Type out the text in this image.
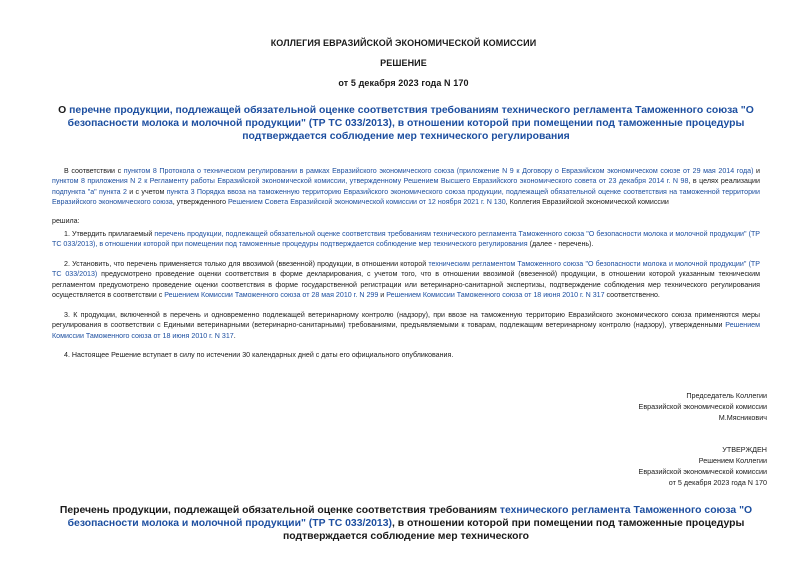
КОЛЛЕГИЯ ЕВРАЗИЙСКОЙ ЭКОНОМИЧЕСКОЙ КОМИССИИ
РЕШЕНИЕ
от 5 декабря 2023 года N 170
О перечне продукции, подлежащей обязательной оценке соответствия требованиям технического регламента Таможенного союза "О безопасности молока и молочной продукции" (ТР ТС 033/2013), в отношении которой при помещении под таможенные процедуры подтверждается соблюдение мер технического регулирования
В соответствии с пунктом 8 Протокола о техническом регулировании в рамках Евразийского экономического союза (приложение N 9 к Договору о Евразийском экономическом союзе от 29 мая 2014 года) и пунктом 8 приложения N 2 к Регламенту работы Евразийской экономической комиссии, утвержденному Решением Высшего Евразийского экономического совета от 23 декабря 2014 г. N 98, в целях реализации подпункта "а" пункта 2 и с учетом пункта 3 Порядка ввоза на таможенную территорию Евразийского экономического союза продукции, подлежащей обязательной оценке соответствия на таможенной территории Евразийского экономического союза, утвержденного Решением Совета Евразийской экономической комиссии от 12 ноября 2021 г. N 130, Коллегия Евразийской экономической комиссии
решила:
1. Утвердить прилагаемый перечень продукции, подлежащей обязательной оценке соответствия требованиям технического регламента Таможенного союза "О безопасности молока и молочной продукции" (ТР ТС 033/2013), в отношении которой при помещении под таможенные процедуры подтверждается соблюдение мер технического регулирования (далее - перечень).
2. Установить, что перечень применяется только для ввозимой (ввезенной) продукции, в отношении которой техническим регламентом Таможенного союза "О безопасности молока и молочной продукции" (ТР ТС 033/2013) предусмотрено проведение оценки соответствия в форме декларирования, с учетом того, что в отношении ввозимой (ввезенной) продукции, в отношении которой указанным техническим регламентом предусмотрено проведение оценки соответствия в форме государственной регистрации или ветеринарно-санитарной экспертизы, подтверждение соблюдения мер технического регулирования осуществляется в соответствии с Решением Комиссии Таможенного союза от 28 мая 2010 г. N 299 и Решением Комиссии Таможенного союза от 18 июня 2010 г. N 317 соответственно.
3. К продукции, включенной в перечень и одновременно подлежащей ветеринарному контролю (надзору), при ввозе на таможенную территорию Евразийского экономического союза применяются меры регулирования в соответствии с Едиными ветеринарными (ветеринарно-санитарными) требованиями, предъявляемыми к товарам, подлежащим ветеринарному контролю (надзору), утвержденными Решением Комиссии Таможенного союза от 18 июня 2010 г. N 317.
4. Настоящее Решение вступает в силу по истечении 30 календарных дней с даты его официального опубликования.
Председатель Коллегии
Евразийской экономической комиссии
М.Мясникович
УТВЕРЖДЕН
Решением Коллегии
Евразийской экономической комиссии
от 5 декабря 2023 года N 170
Перечень продукции, подлежащей обязательной оценке соответствия требованиям технического регламента Таможенного союза "О безопасности молока и молочной продукции" (ТР ТС 033/2013), в отношении которой при помещении под таможенные процедуры подтверждается соблюдение мер технического
